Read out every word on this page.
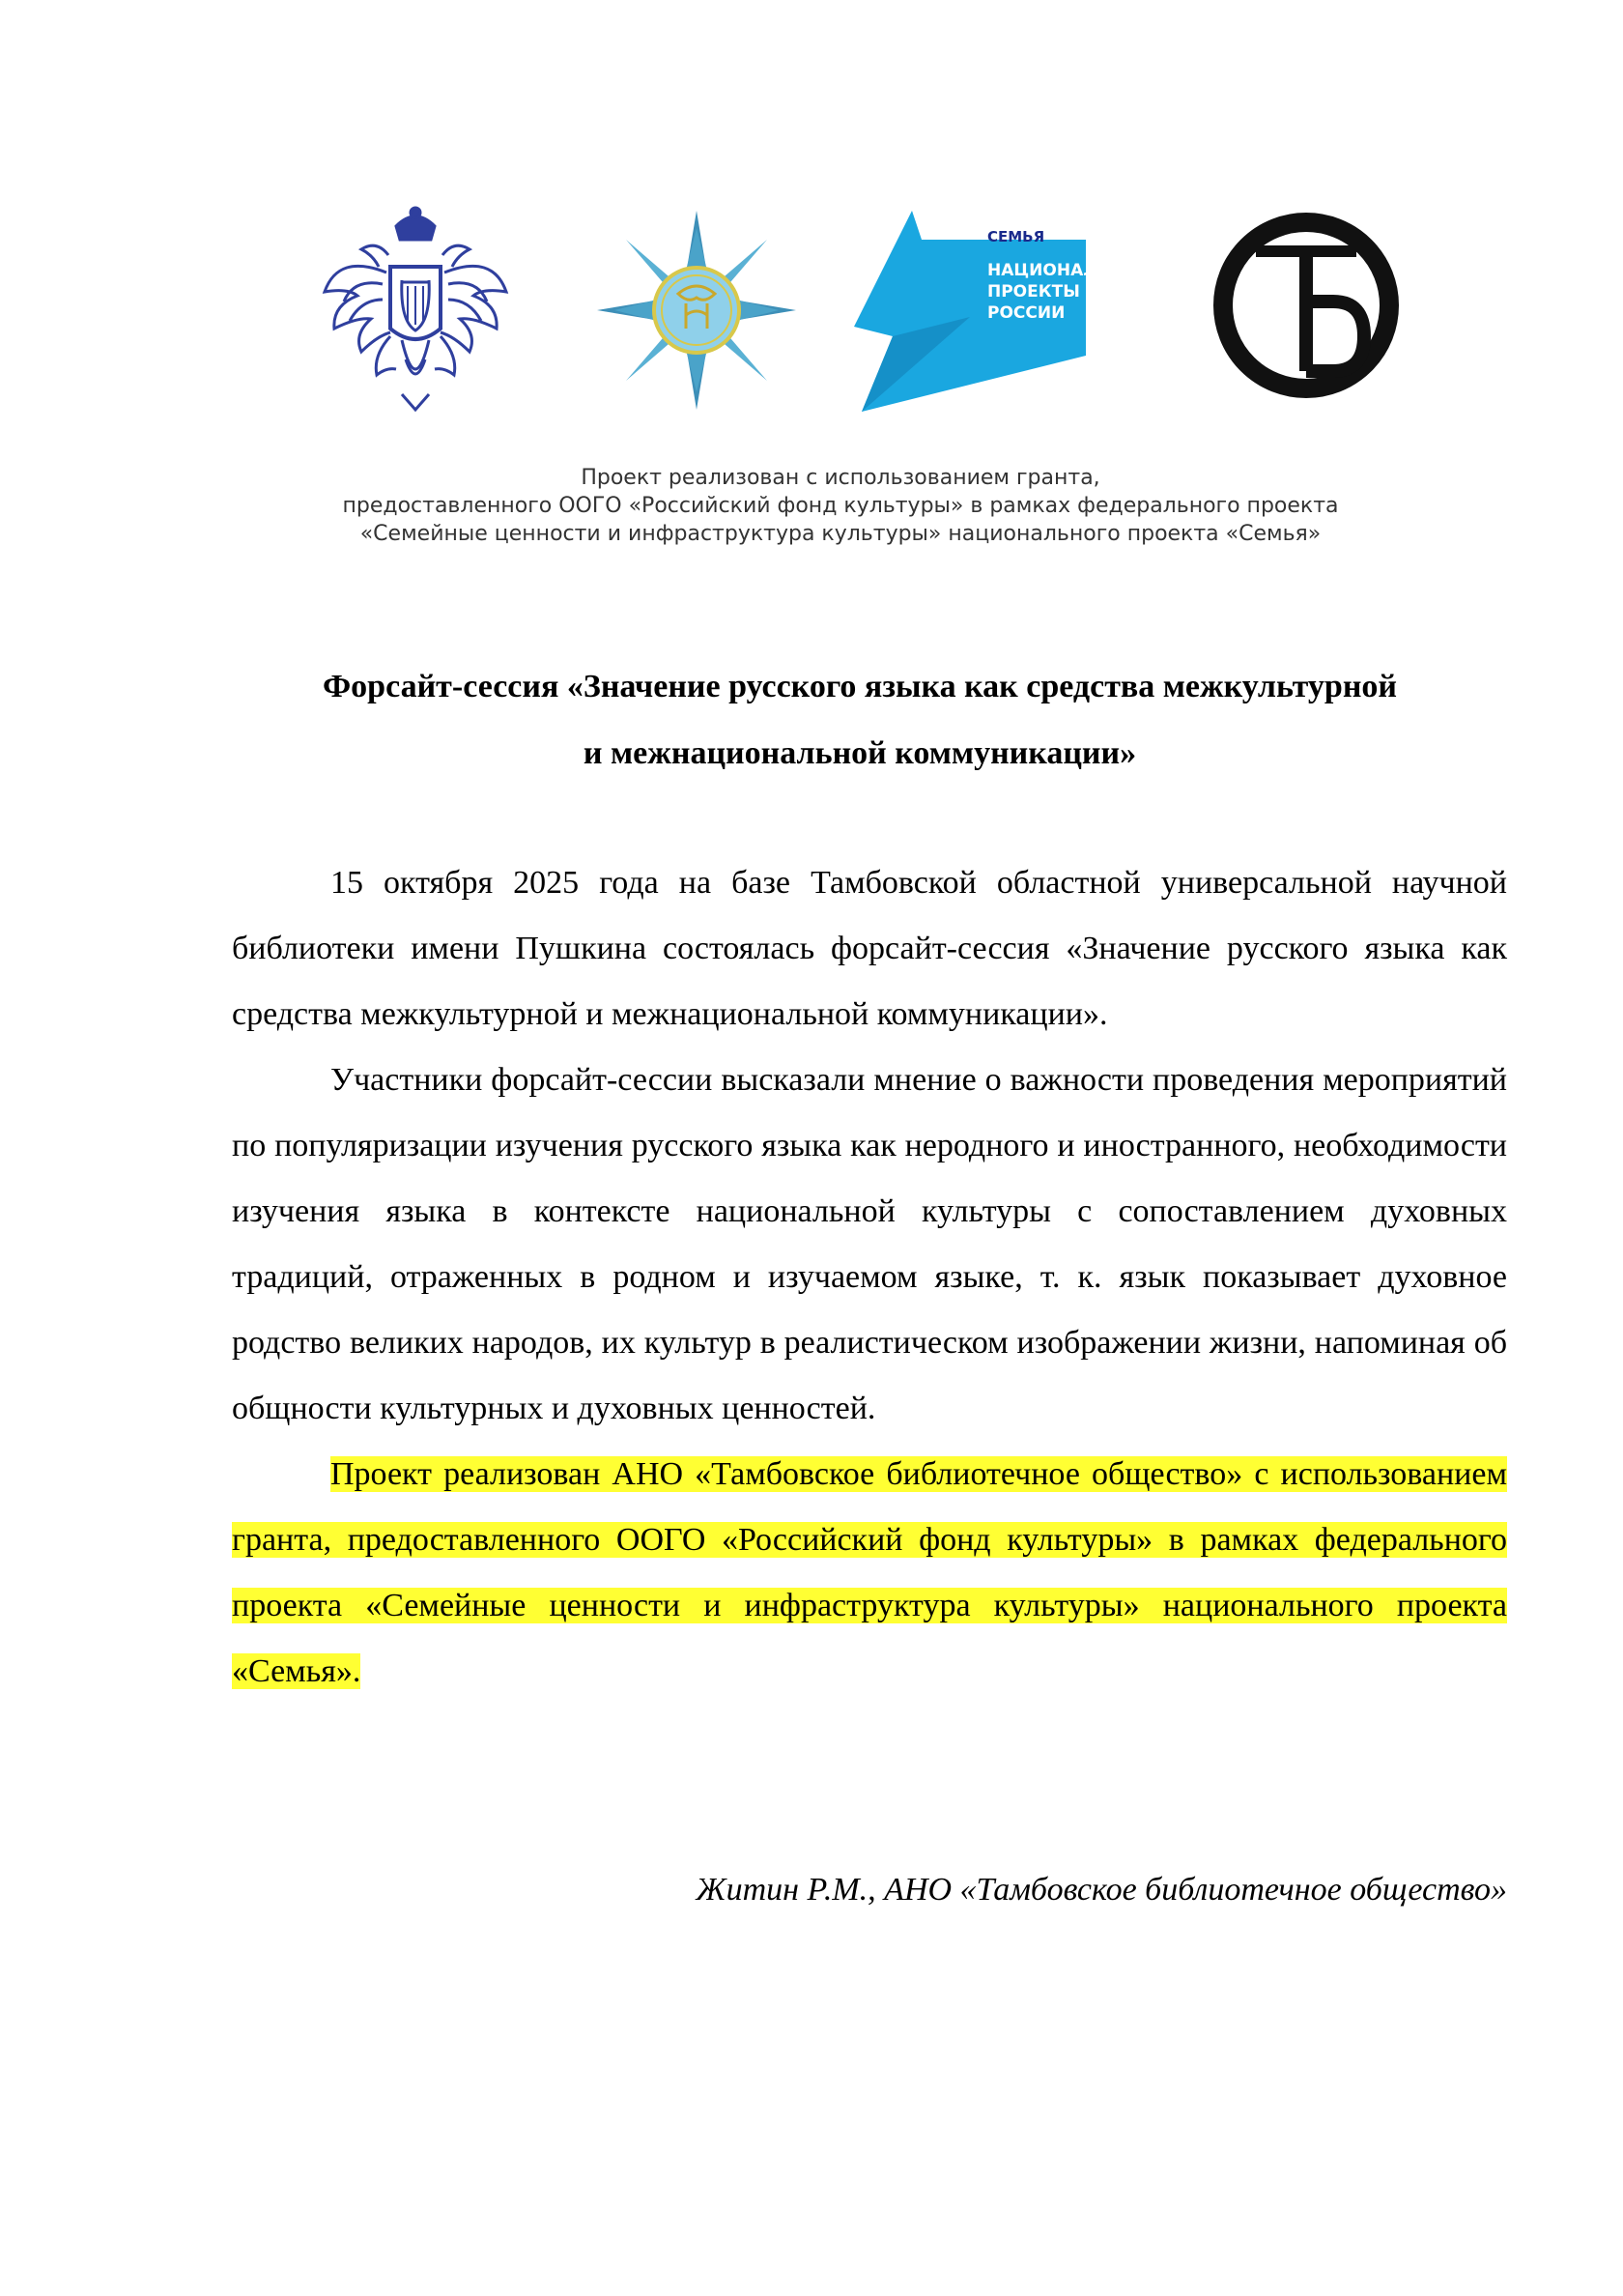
СЕМЬЯ
НАЦИОНАЛЬНЫЕ
ПРОЕКТЫ
РОССИИ
Проект реализован с использованием гранта,
предоставленного ООГО «Российский фонд культуры» в рамках федерального проекта
«Семейные ценности и инфраструктура культуры» национального проекта «Семья»
Форсайт-сессия «Значение русского языка как средства межкультурной
и межнациональной коммуникации»

15 октября 2025 года на базе Тамбовской областной универсальной научной библиотеки имени Пушкина состоялась форсайт-сессия «Значение русского языка как средства межкультурной и межнациональной коммуникации».

Участники форсайт-сессии высказали мнение о важности проведения мероприятий по популяризации изучения русского языка как неродного и иностранного, необходимости изучения языка в контексте национальной культуры с сопоставлением духовных традиций, отраженных в родном и изучаемом языке, т. к. язык показывает духовное родство великих народов, их культур в реалистическом изображении жизни, напоминая об общности культурных и духовных ценностей.

Проект реализован АНО «Тамбовское библиотечное общество» с использованием гранта, предоставленного ООГО «Российский фонд культуры» в рамках федерального проекта «Семейные ценности и инфраструктура культуры» национального проекта «Семья».

Житин Р.М., АНО «Тамбовское библиотечное общество»
